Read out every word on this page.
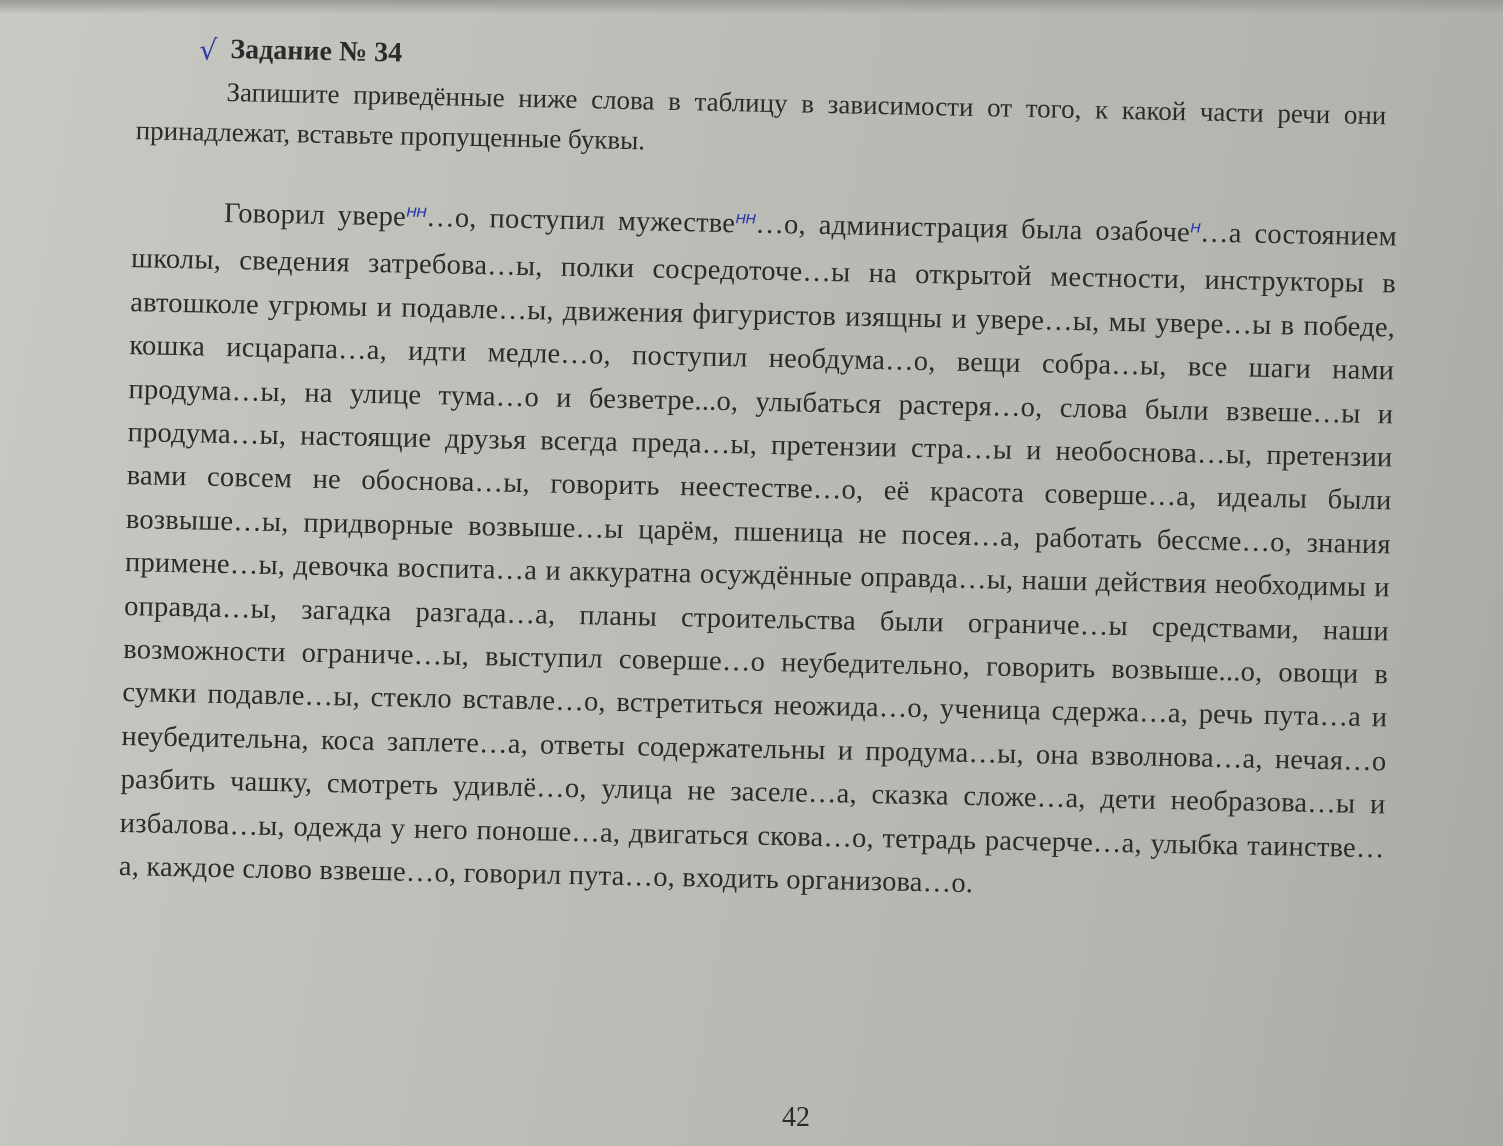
√ Задание № 34
Запишите приведённые ниже слова в таблицу в зависимости от того, к какой части речи они принадлежат, вставьте пропущенные буквы.
Говорил увере$^{нн}$…о, поступил мужестве$^{нн}$…о, администрация была озабоче$^н$…а состоянием школы, сведения затребова…ы, полки сосредоточе…ы на открытой местности, инструкторы в автошколе угрюмы и подавле…ы, движения фигуристов изящны и увере…ы, мы увере…ы в победе, кошка исцарапа…а, идти медле…о, поступил необдума…о, вещи собра…ы, все шаги нами продума…ы, на улице тума…о и безветре...о, улыбаться растеря…о, слова были взвеше…ы и продума…ы, настоящие друзья всегда преда…ы, претензии стра…ы и необоснова…ы, претензии вами совсем не обоснова…ы, говорить неестестве…о, её красота соверше…а, идеалы были возвыше…ы, придворные возвыше…ы царём, пшеница не посея…а, работать бессме…о, знания примене…ы, девочка воспита…а и аккуратна осуждённые оправда…ы, наши действия необходимы и оправда…ы, загадка разгада…а, планы строительства были ограниче…ы средствами, наши возможности ограниче…ы, выступил соверше…о неубедительно, говорить возвыше...о, овощи в сумки подавле…ы, стекло вставле…о, встретиться неожида…о, ученица сдержа…а, речь пута…а и неубедительна, коса заплете…а, ответы содержательны и продума…ы, она взволнова…а, нечая…о разбить чашку, смотреть удивлё…о, улица не заселе…а, сказка сложе…а, дети необразова…ы и избалова…ы, одежда у него поноше…а, двигаться скова…о, тетрадь расчерче…а, улыбка таинстве…а, каждое слово взвеше…о, говорил пута…о, входить организова…о.
42
